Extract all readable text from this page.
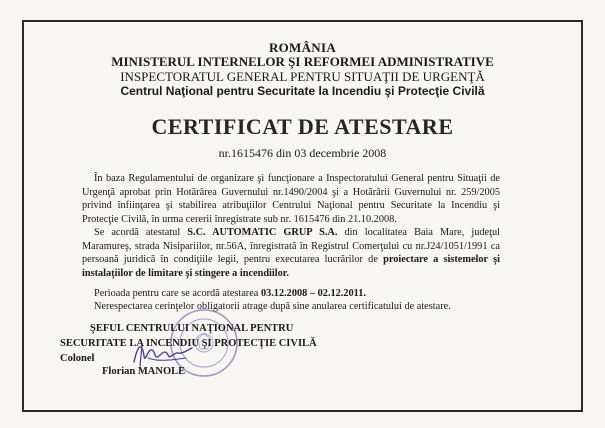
ROMÂNIA
MINISTERUL INTERNELOR ŞI REFORMEI ADMINISTRATIVE
INSPECTORATUL GENERAL PENTRU SITUAŢII DE URGENŢĂ
Centrul Naţional pentru Securitate la Incendiu şi Protecţie Civilă
CERTIFICAT DE ATESTARE
nr.1615476 din 03 decembrie 2008
În baza Regulamentului de organizare şi funcţionare a Inspectoratului General pentru Situaţii de Urgenţă aprobat prin Hotărârea Guvernului nr.1490/2004 şi a Hotărârii Guvernului nr. 259/2005 privind înfiinţarea şi stabilirea atribuţiilor Centrului Naţional pentru Securitate la Incendiu şi Protecţie Civilă, în urma cererii înregistrate sub nr. 1615476 din 21.10.2008.
Se acordă atestatul S.C. AUTOMATIC GRUP S.A. din localitatea Baia Mare, judeţul Maramureş, strada Nisipariilor, nr.56A, înregistrată în Registrul Comerţului cu nr.J24/1051/1991 ca persoană juridică în condiţiile legii, pentru executarea lucrărilor de proiectare a sistemelor şi instalaţiilor de limitare şi stingere a incendiilor.
Perioada pentru care se acordă atestarea 03.12.2008 – 02.12.2011.
Nerespectarea cerinţelor obligatorii atrage după sine anularea certificatului de atestare.
ŞEFUL CENTRULUI NAŢIONAL PENTRU
SECURITATE LA INCENDIU ŞI PROTECŢIE CIVILĂ
Colonel
Florian MANOLE
